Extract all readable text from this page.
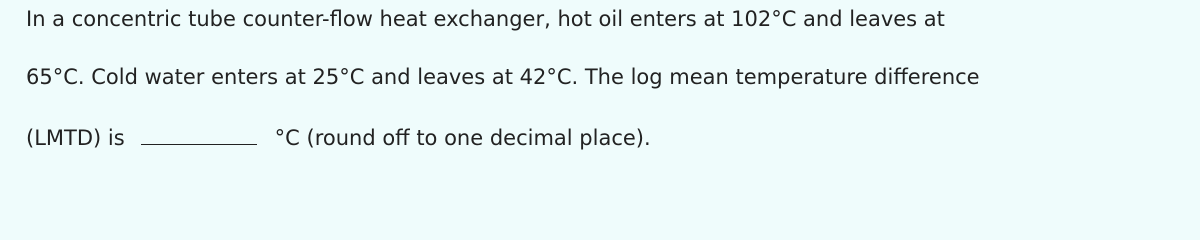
In a concentric tube counter-flow heat exchanger, hot oil enters at 102°C and leaves at
65°C. Cold water enters at 25°C and leaves at 42°C. The log mean temperature difference
(LMTD) is	°C (round off to one decimal place).
